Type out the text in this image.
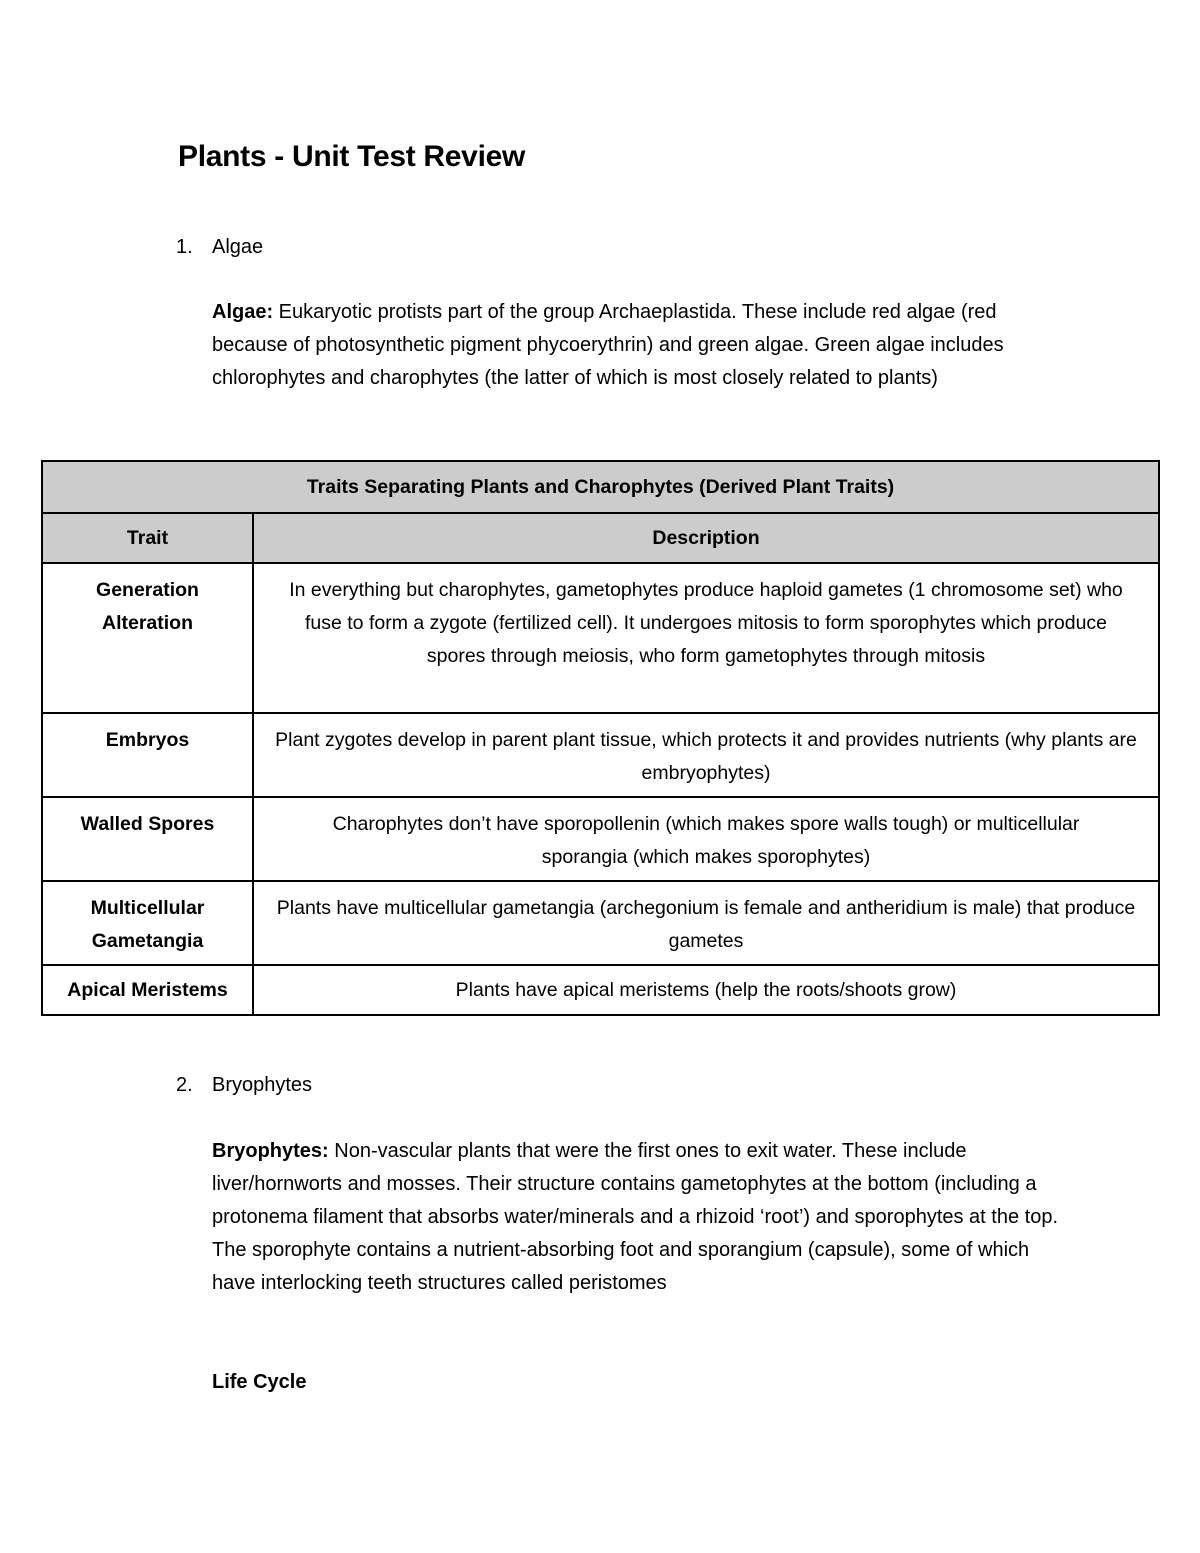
Plants - Unit Test Review
1. Algae

Algae: Eukaryotic protists part of the group Archaeplastida. These include red algae (red because of photosynthetic pigment phycoerythrin) and green algae. Green algae includes chlorophytes and charophytes (the latter of which is most closely related to plants)

Traits Separating Plants and Charophytes (Derived Plant Traits)	
Trait	Description
Generation Alteration	In everything but charophytes, gametophytes produce haploid gametes (1 chromosome set) who fuse to form a zygote (fertilized cell). It undergoes mitosis to form sporophytes which produce spores through meiosis, who form gametophytes through mitosis
Embryos	Plant zygotes develop in parent plant tissue, which protects it and provides nutrients (why plants are embryophytes)
Walled Spores	Charophytes don’t have sporopollenin (which makes spore walls tough) or multicellular sporangia (which makes sporophytes)
Multicellular Gametangia	Plants have multicellular gametangia (archegonium is female and antheridium is male) that produce gametes
Apical Meristems	Plants have apical meristems (help the roots/shoots grow)
2. Bryophytes

Bryophytes: Non-vascular plants that were the first ones to exit water. These include liver/hornworts and mosses. Their structure contains gametophytes at the bottom (including a protonema filament that absorbs water/minerals and a rhizoid ‘root’) and sporophytes at the top. The sporophyte contains a nutrient-absorbing foot and sporangium (capsule), some of which have interlocking teeth structures called peristomes

Life Cycle
